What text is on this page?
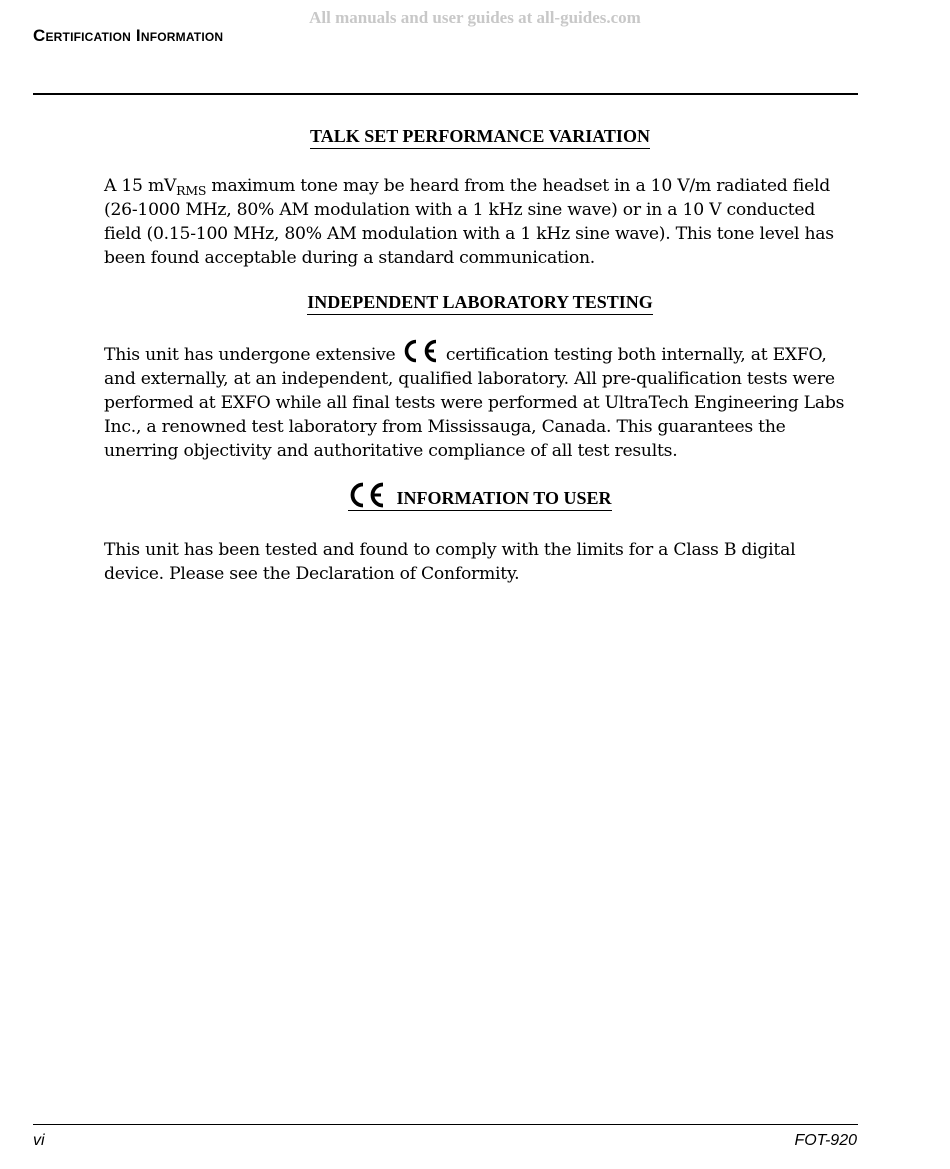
All manuals and user guides at all-guides.com
Certification Information
TALK SET PERFORMANCE VARIATION

A 15 $mV_{RMS}$ maximum tone may be heard from the headset in a 10 V/m radiated field (26-1000 MHz, 80% AM modulation with a 1 kHz sine wave) or in a 10 V conducted field (0.15-100 MHz, 80% AM modulation with a 1 kHz sine wave). This tone level has been found acceptable during a standard communication.

INDEPENDENT LABORATORY TESTING

This unit has undergone extensive  certification testing both internally, at EXFO, and externally, at an independent, qualified laboratory. All pre-qualification tests were performed at EXFO while all final tests were performed at UltraTech Engineering Labs Inc., a renowned test laboratory from Mississauga, Canada. This guarantees the unerring objectivity and authoritative compliance of all test results.

INFORMATION TO USER

This unit has been tested and found to comply with the limits for a Class B digital device. Please see the Declaration of Conformity.

vi	FOT-920
